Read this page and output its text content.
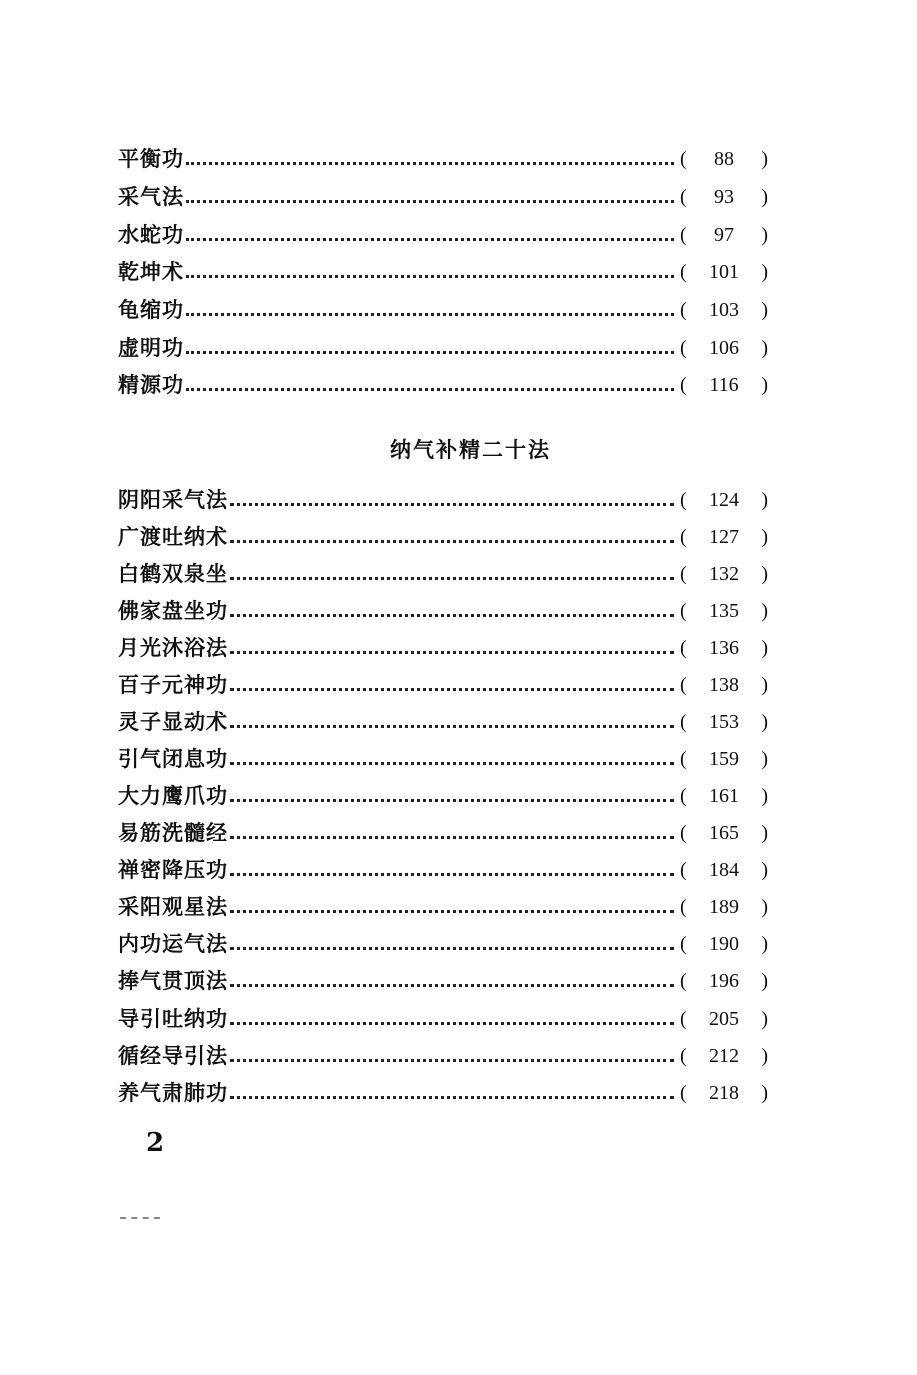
平衡功	(	88	)
采气法	(	93	)
水蛇功	(	97	)
乾坤术	(	101	)
龟缩功	(	103	)
虚明功	(	106	)
精源功	(	116	)
纳气补精二十法
阴阳采气法	(	124	)
广渡吐纳术	(	127	)
白鹤双泉坐	(	132	)
佛家盘坐功	(	135	)
月光沐浴法	(	136	)
百子元神功	(	138	)
灵子显动术	(	153	)
引气闭息功	(	159	)
大力鹰爪功	(	161	)
易筋洗髓经	(	165	)
禅密降压功	(	184	)
采阳观星法	(	189	)
内功运气法	(	190	)
捧气贯顶法	(	196	)
导引吐纳功	(	205	)
循经导引法	(	212	)
养气肃肺功	(	218	)
2
